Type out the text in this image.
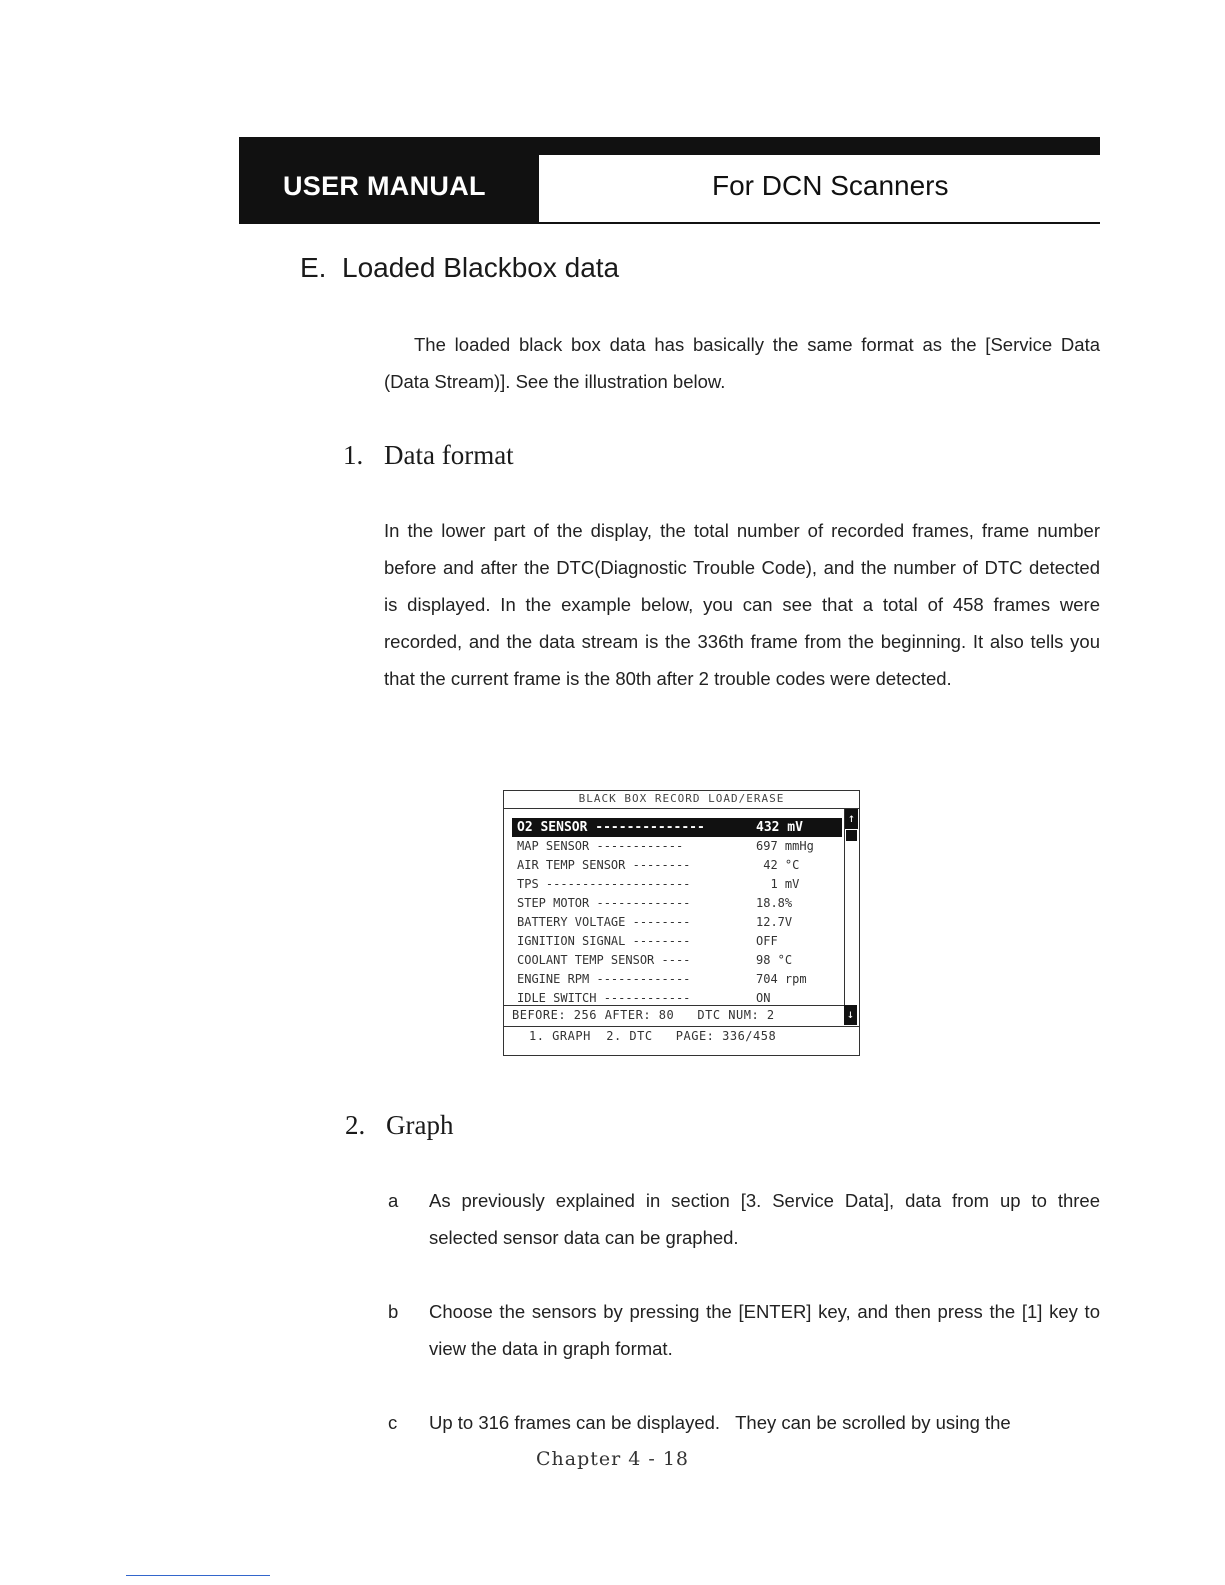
USER MANUAL	For DCN Scanners
E.  Loaded Blackbox data
The loaded black box data has basically the same format as the [Service Data (Data Stream)]. See the illustration below.
1. Data format
In the lower part of the display, the total number of recorded frames, frame number before and after the DTC(Diagnostic Trouble Code), and the number of DTC detected is displayed. In the example below, you can see that a total of 458 frames were recorded, and the data stream is the 336th frame from the beginning. It also tells you that the current frame is the 80th after 2 trouble codes were detected.
BLACK BOX RECORD LOAD/ERASE
O2 SENSOR --------------	432 mV
MAP SENSOR ------------	697 mmHg
AIR TEMP SENSOR --------	42 °C
TPS --------------------	1 mV
STEP MOTOR -------------	18.8%
BATTERY VOLTAGE --------	12.7V
IGNITION SIGNAL --------	OFF
COOLANT TEMP SENSOR ----	98 °C
ENGINE RPM -------------	704 rpm
IDLE SWITCH ------------	ON
↑
BEFORE: 256 AFTER: 80   DTC NUM: 2	↓
1. GRAPH  2. DTC   PAGE: 336/458
2. Graph
a As previously explained in section [3. Service Data], data from up to three selected sensor data can be graphed.
b Choose the sensors by pressing the [ENTER] key, and then press the [1] key to view the data in graph format.
c Up to 316 frames can be displayed.   They can be scrolled by using the
Chapter 4 - 18
